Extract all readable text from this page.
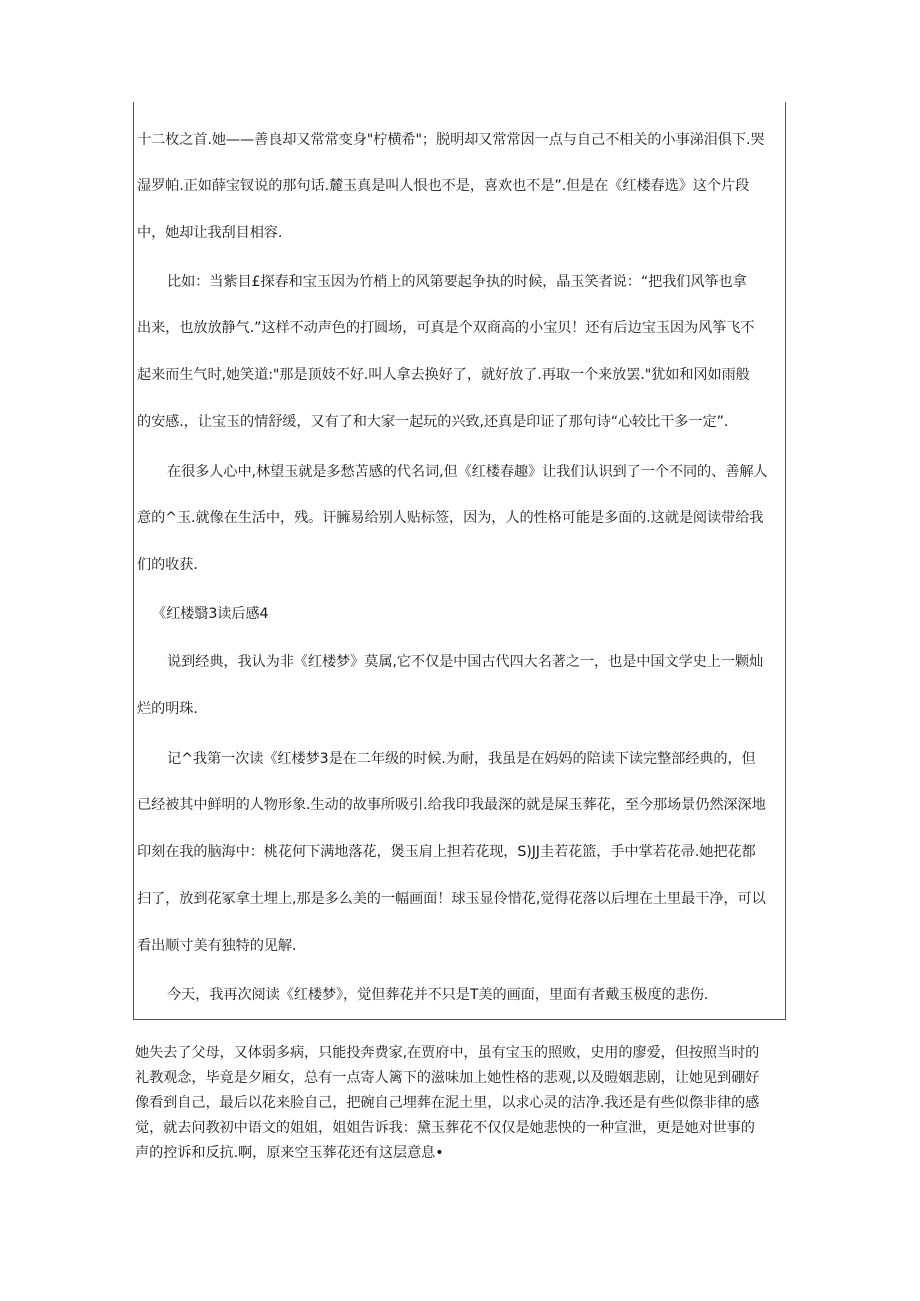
十二枚之首.她——善良却又常常变身"柠横希"；脱明却又常常因一点与自己不相关的小事涕泪俱下.哭
湿罗帕.正如薛宝钗说的那句话.麓玉真是叫人恨也不是，喜欢也不是”.但是在《红楼春选》这个片段
中，她却让我刮目相容.
比如：当紫目£探春和宝玉因为竹梢上的风第要起争执的时候，晶玉笑者说：“把我们风筝也拿
出来，也放放静气.”这样不动声色的打圆场，可真是个双商高的小宝贝！还有后边宝玉因为风筝飞不
起来而生气时,她笑道:"那是顶妓不好.叫人拿去换好了，就好放了.再取一个来放罢."犹如和冈如雨般
的安感.，让宝玉的情舒缓，又有了和大家一起玩的兴致,还真是印证了那句诗“心较比干多一定”.
在很多人心中,林望玉就是多愁苫感的代名词,但《红楼春趣》让我们认识到了一个不同的、善解人
意的^玉.就像在生活中，残。讦臃易给别人贴标签，因为，人的性格可能是多面的.这就是阅读带给我
们的收获.
《红楼翳3读后感4
说到经典，我认为非《红楼梦》莫属,它不仅是中国古代四大名著之一，也是中国文学史上一颗灿
烂的明珠.
记^我第一次读《红楼梦3是在二年级的时候.为耐，我虽是在妈妈的陪读下读完整部经典的，但
已经被其中鲜明的人物形象.生动的故事所吸引.给我印我最深的就是屎玉葬花，至今那场景仍然深深地
印刻在我的脑海中：桃花何下满地落花，煲玉肩上担若花现，S)JJ圭若花篮，手中掌若花帚.她把花都
扫了，放到花冢拿土埋上,那是多么美的一幅画面！球玉显伶惜花,觉得花落以后埋在土里最干净，可以
看出顺寸美有独特的见解.
今天，我再次阅读《红楼梦》，觉但葬花并不只是T美的画面，里面有者戴玉极度的悲伤.
她失去了父母，又体弱多病，只能投奔费家,在贾府中，虽有宝玉的照败，史用的廖爱，但按照当时的
礼教观念，毕竟是夕厢女，总有一点寄人篱下的滋味加上她性格的悲观,以及暟姻悲剧，让她见到硼好
像看到自己，最后以花来脸自己，把碗自己埋葬在泥土里，以求心灵的洁净.我还是有些似傺非律的感
觉，就去问教初中语文的姐姐，姐姐告诉我：黛玉葬花不仅仅是她悲怏的一种宣泄，更是她对世事的
声的控诉和反抗.啊，原来空玉葬花还有这层意息•
